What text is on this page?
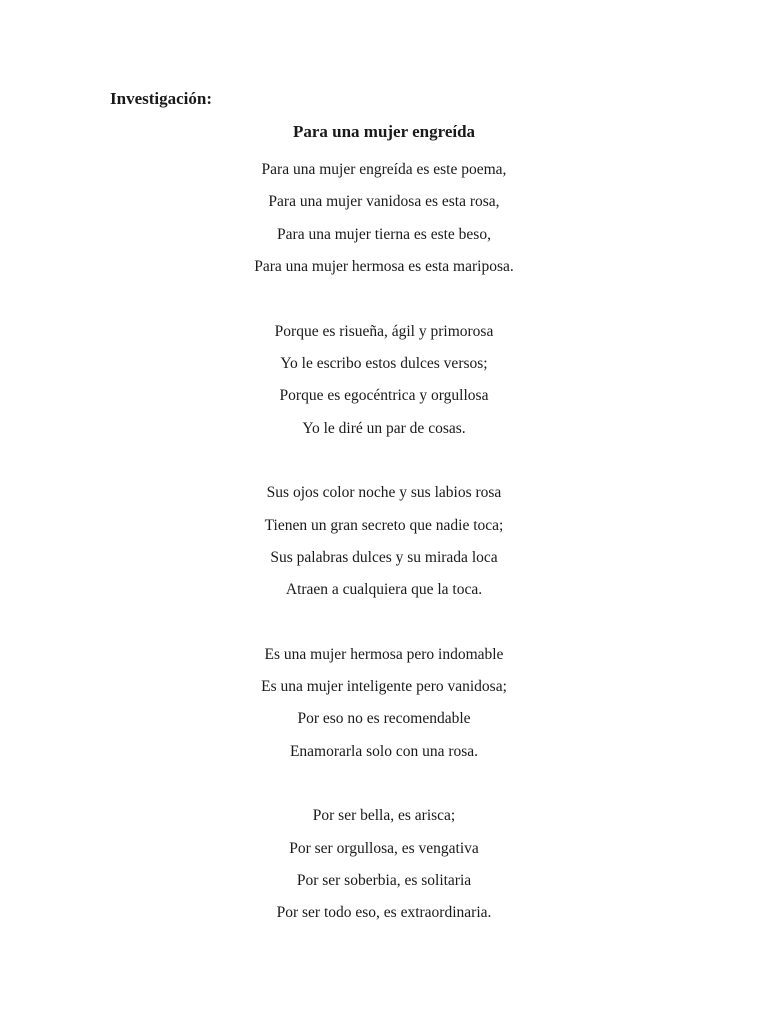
Investigación:
Para una mujer engreída
Para una mujer engreída es este poema,
Para una mujer vanidosa es esta rosa,
Para una mujer tierna es este beso,
Para una mujer hermosa es esta mariposa.
Porque es risueña, ágil y primorosa
Yo le escribo estos dulces versos;
Porque es egocéntrica y orgullosa
Yo le diré un par de cosas.
Sus ojos color noche y sus labios rosa
Tienen un gran secreto que nadie toca;
Sus palabras dulces y su mirada loca
Atraen a cualquiera que la toca.
Es una mujer hermosa pero indomable
Es una mujer inteligente pero vanidosa;
Por eso no es recomendable
Enamorarla solo con una rosa.
Por ser bella, es arisca;
Por ser orgullosa, es vengativa
Por ser soberbia, es solitaria
Por ser todo eso, es extraordinaria.
